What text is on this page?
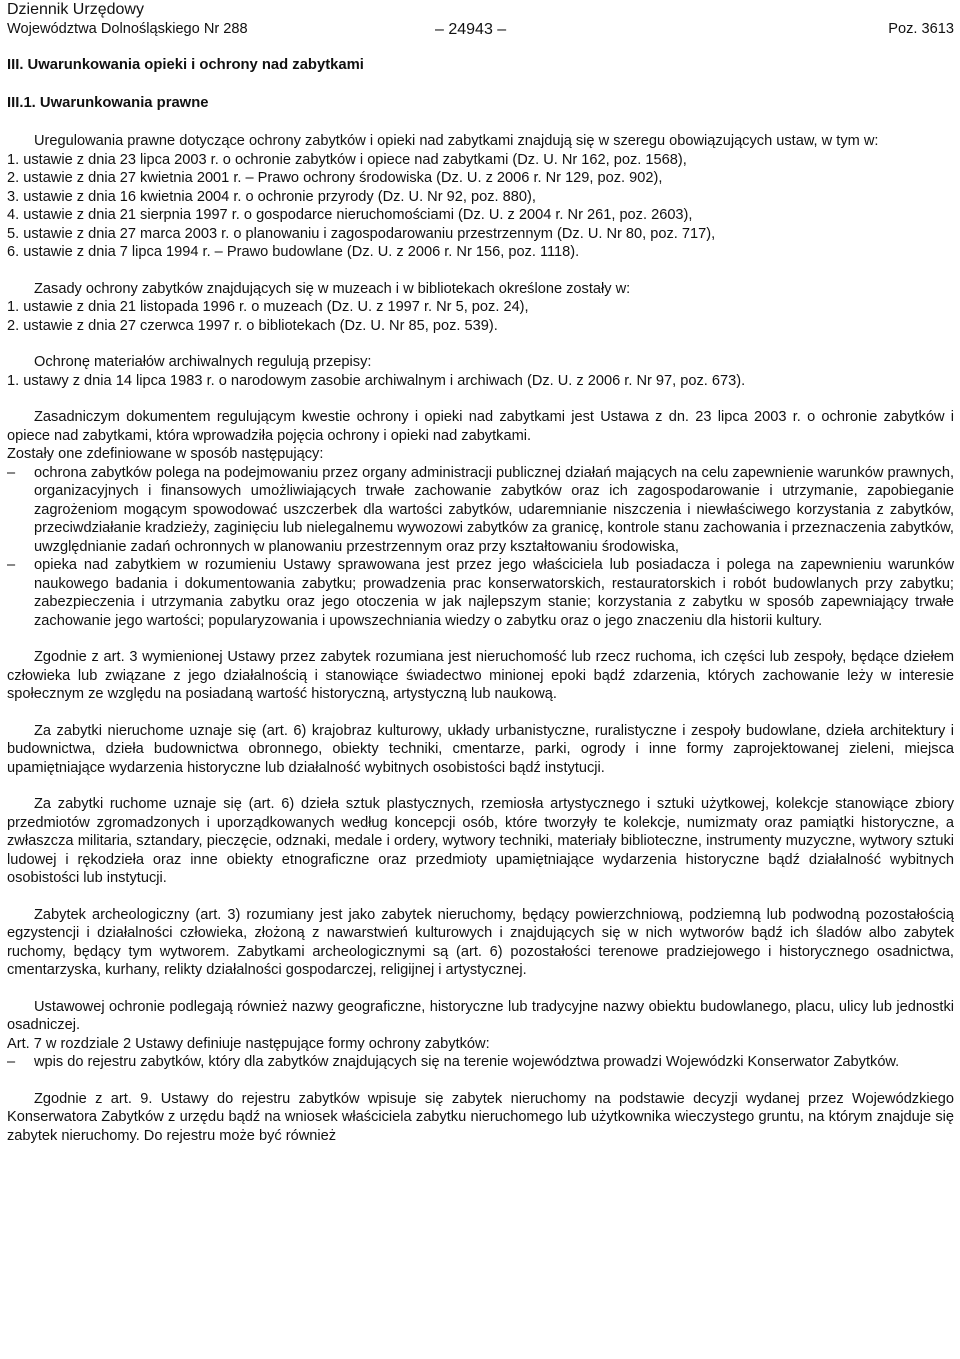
Dziennik Urzędowy
Województwa Dolnośląskiego Nr 288	Poz. 3613
– 24943 –
III. Uwarunkowania opieki i ochrony nad zabytkami
III.1. Uwarunkowania prawne

Uregulowania prawne dotyczące ochrony zabytków i opieki nad zabytkami znajdują się w szeregu obowiązujących ustaw, w tym w:

1. ustawie z dnia 23 lipca 2003 r. o ochronie zabytków i opiece nad zabytkami (Dz. U. Nr 162, poz. 1568),
2. ustawie z dnia 27 kwietnia 2001 r. – Prawo ochrony środowiska (Dz. U. z 2006 r. Nr 129, poz. 902),
3. ustawie z dnia 16 kwietnia 2004 r. o ochronie przyrody (Dz. U. Nr 92, poz. 880),
4. ustawie z dnia 21 sierpnia 1997 r. o gospodarce nieruchomościami (Dz. U. z 2004 r. Nr 261, poz. 2603),
5. ustawie z dnia 27 marca 2003 r. o planowaniu i zagospodarowaniu przestrzennym (Dz. U. Nr 80, poz. 717),
6. ustawie z dnia 7 lipca 1994 r. – Prawo budowlane (Dz. U. z 2006 r. Nr 156, poz. 1118).

Zasady ochrony zabytków znajdujących się w muzeach i w bibliotekach określone zostały w:

1. ustawie z dnia 21 listopada 1996 r. o muzeach (Dz. U. z 1997 r. Nr 5, poz. 24),
2. ustawie z dnia 27 czerwca 1997 r. o bibliotekach (Dz. U. Nr 85, poz. 539).

Ochronę materiałów archiwalnych regulują przepisy:

1. ustawy z dnia 14 lipca 1983 r. o narodowym zasobie archiwalnym i archiwach (Dz. U. z 2006 r. Nr 97, poz. 673).

Zasadniczym dokumentem regulującym kwestie ochrony i opieki nad zabytkami jest Ustawa z dn. 23 lipca 2003 r. o ochronie zabytków i opiece nad zabytkami, która wprowadziła pojęcia ochrony i opieki nad zabytkami.

Zostały one zdefiniowane w sposób następujący:

– ochrona zabytków polega na podejmowaniu przez organy administracji publicznej działań mających na celu zapewnienie warunków prawnych, organizacyjnych i finansowych umożliwiających trwałe zachowanie zabytków oraz ich zagospodarowanie i utrzymanie, zapobieganie zagrożeniom mogącym spowodować uszczerbek dla wartości zabytków, udaremnianie niszczenia i niewłaściwego korzystania z zabytków, przeciwdziałanie kradzieży, zaginięciu lub nielegalnemu wywozowi zabytków za granicę, kontrole stanu zachowania i przeznaczenia zabytków, uwzględnianie zadań ochronnych w planowaniu przestrzennym oraz przy kształtowaniu środowiska,
– opieka nad zabytkiem w rozumieniu Ustawy sprawowana jest przez jego właściciela lub posiadacza i polega na zapewnieniu warunków naukowego badania i dokumentowania zabytku; prowadzenia prac konserwatorskich, restauratorskich i robót budowlanych przy zabytku; zabezpieczenia i utrzymania zabytku oraz jego otoczenia w jak najlepszym stanie; korzystania z zabytku w sposób zapewniający trwałe zachowanie jego wartości; popularyzowania i upowszechniania wiedzy o zabytku oraz o jego znaczeniu dla historii kultury.

Zgodnie z art. 3 wymienionej Ustawy przez zabytek rozumiana jest nieruchomość lub rzecz ruchoma, ich części lub zespoły, będące dziełem człowieka lub związane z jego działalnością i stanowiące świadectwo minionej epoki bądź zdarzenia, których zachowanie leży w interesie społecznym ze względu na posiadaną wartość historyczną, artystyczną lub naukową.

Za zabytki nieruchome uznaje się (art. 6) krajobraz kulturowy, układy urbanistyczne, ruralistyczne i zespoły budowlane, dzieła architektury i budownictwa, dzieła budownictwa obronnego, obiekty techniki, cmentarze, parki, ogrody i inne formy zaprojektowanej zieleni, miejsca upamiętniające wydarzenia historyczne lub działalność wybitnych osobistości bądź instytucji.

Za zabytki ruchome uznaje się (art. 6) dzieła sztuk plastycznych, rzemiosła artystycznego i sztuki użytkowej, kolekcje stanowiące zbiory przedmiotów zgromadzonych i uporządkowanych według koncepcji osób, które tworzyły te kolekcje, numizmaty oraz pamiątki historyczne, a zwłaszcza militaria, sztandary, pieczęcie, odznaki, medale i ordery, wytwory techniki, materiały biblioteczne, instrumenty muzyczne, wytwory sztuki ludowej i rękodzieła oraz inne obiekty etnograficzne oraz przedmioty upamiętniające wydarzenia historyczne bądź działalność wybitnych osobistości lub instytucji.

Zabytek archeologiczny (art. 3) rozumiany jest jako zabytek nieruchomy, będący powierzchniową, podziemną lub podwodną pozostałością egzystencji i działalności człowieka, złożoną z nawarstwień kulturowych i znajdujących się w nich wytworów bądź ich śladów albo zabytek ruchomy, będący tym wytworem. Zabytkami archeologicznymi są (art. 6) pozostałości terenowe pradziejowego i historycznego osadnictwa, cmentarzyska, kurhany, relikty działalności gospodarczej, religijnej i artystycznej.

Ustawowej ochronie podlegają również nazwy geograficzne, historyczne lub tradycyjne nazwy obiektu budowlanego, placu, ulicy lub jednostki osadniczej.

Art. 7 w rozdziale 2 Ustawy definiuje następujące formy ochrony zabytków:

– wpis do rejestru zabytków, który dla zabytków znajdujących się na terenie województwa prowadzi Wojewódzki Konserwator Zabytków.

Zgodnie z art. 9. Ustawy do rejestru zabytków wpisuje się zabytek nieruchomy na podstawie decyzji wydanej przez Wojewódzkiego Konserwatora Zabytków z urzędu bądź na wniosek właściciela zabytku nieruchomego lub użytkownika wieczystego gruntu, na którym znajduje się zabytek nieruchomy. Do rejestru może być również
